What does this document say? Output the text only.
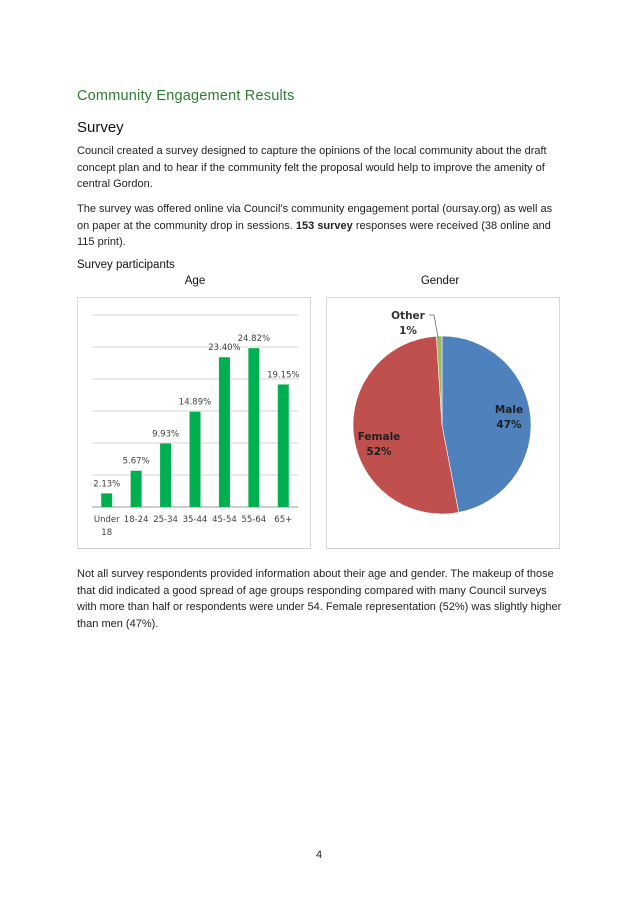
Community Engagement Results
Survey
Council created a survey designed to capture the opinions of the local community about the draft concept plan and to hear if the community felt the proposal would help to improve the amenity of central Gordon.
The survey was offered online via Council’s community engagement portal (oursay.org) as well as on paper at the community drop in sessions. 153 survey responses were received (38 online and 115 print).
Survey participants
Age	Gender
2.13%
Under
18
5.67%
18-24
9.93%
25-34
14.89%
35-44
23.40%
45-54
24.82%
55-64
19.15%
65+
Male
47%
Female
52%
Other
1%
Not all survey respondents provided information about their age and gender. The makeup of those that did indicated a good spread of age groups responding compared with many Council surveys with more than half or respondents were under 54. Female representation (52%) was slightly higher than men (47%).
4
